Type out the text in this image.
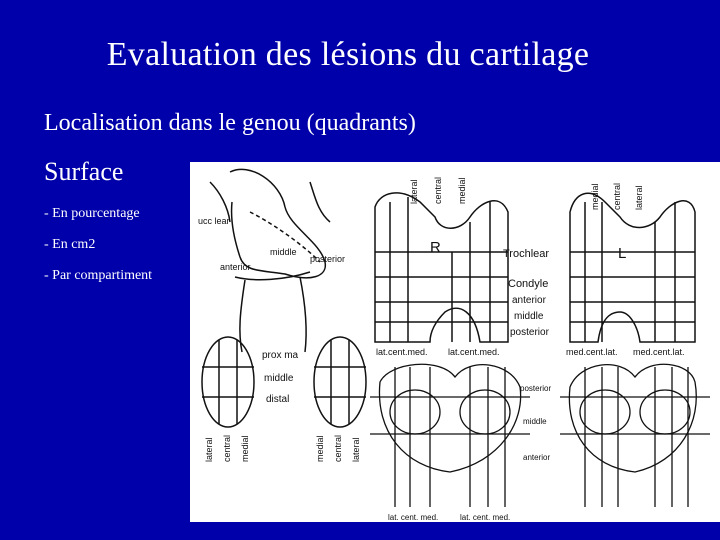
Evaluation des lésions du cartilage
Localisation dans le genou (quadrants)
Surface
- En pourcentage
- En cm2
- Par compartiment
ucc lear
middle
anterior
posterior
prox ma
middle
distal
lateral central medial	medial central lateral
lateral central medial
R
lat.cent.med. lat.cent.med.
Trochlear
Condyle
anterior
middle
posterior
medial central lateral
L
med.cent.lat. med.cent.lat.
posterior
middle
anterior
lat. cent. med.	lat. cent. med.
